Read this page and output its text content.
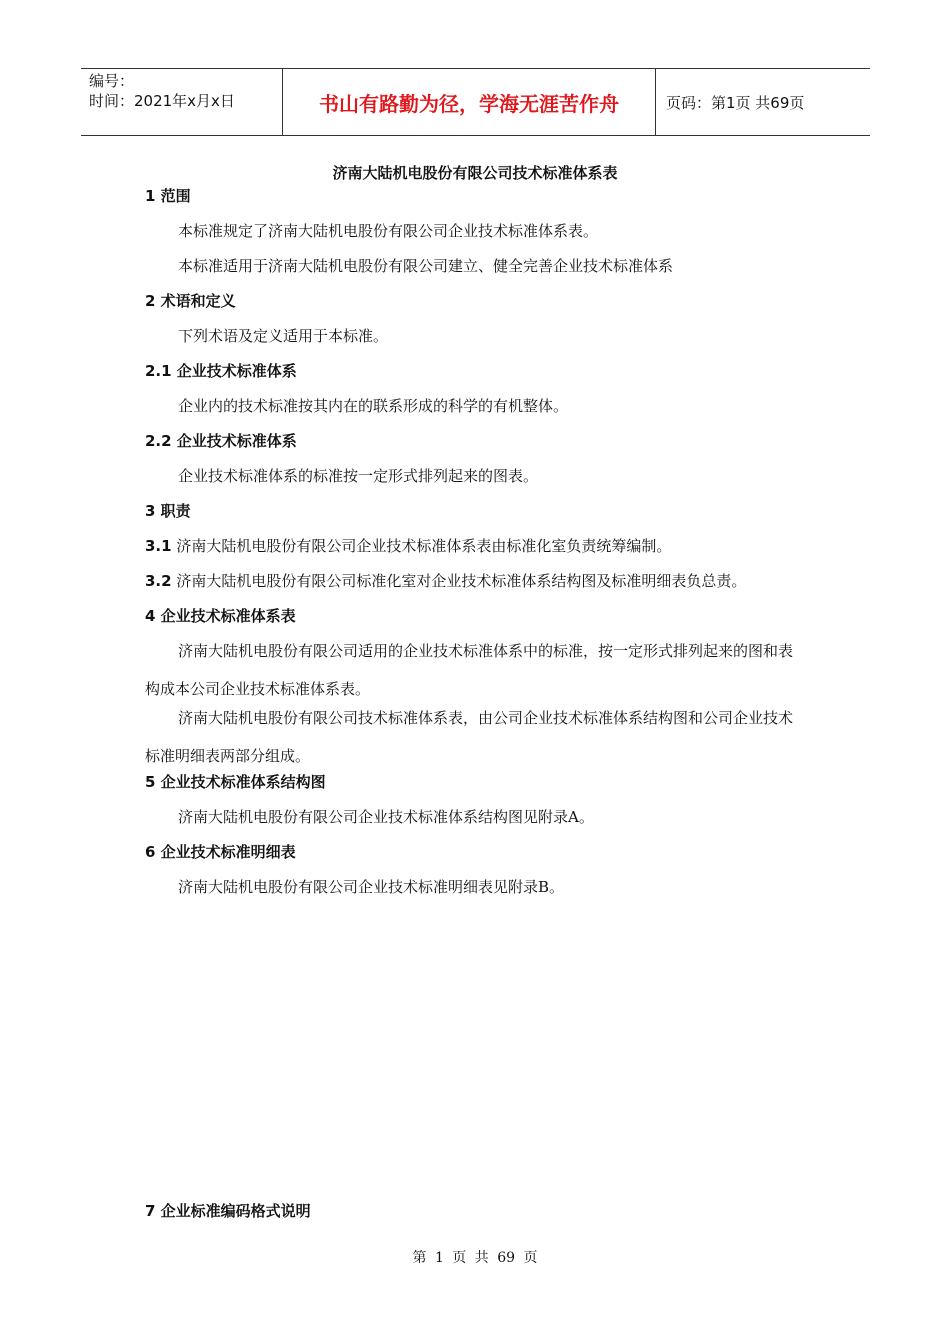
编号：
时间：2021年x月x日	书山有路勤为径，学海无涯苦作舟	页码：第1页 共69页
济南大陆机电股份有限公司技术标准体系表
1 范围
本标准规定了济南大陆机电股份有限公司企业技术标准体系表。
本标准适用于济南大陆机电股份有限公司建立、健全完善企业技术标准体系
2 术语和定义
下列术语及定义适用于本标准。
2.1 企业技术标准体系
企业内的技术标准按其内在的联系形成的科学的有机整体。
2.2 企业技术标准体系
企业技术标准体系的标准按一定形式排列起来的图表。
3 职责
3.1 济南大陆机电股份有限公司企业技术标准体系表由标准化室负责统筹编制。
3.2 济南大陆机电股份有限公司标准化室对企业技术标准体系结构图及标准明细表负总责。
4 企业技术标准体系表

济南大陆机电股份有限公司适用的企业技术标准体系中的标准，按一定形式排列起来的图和表构成本公司企业技术标准体系表。

济南大陆机电股份有限公司技术标准体系表，由公司企业技术标准体系结构图和公司企业技术标准明细表两部分组成。

5 企业技术标准体系结构图
济南大陆机电股份有限公司企业技术标准体系结构图见附录A。
6 企业技术标准明细表
济南大陆机电股份有限公司企业技术标准明细表见附录B。
7 企业标准编码格式说明
第 1 页 共 69 页
